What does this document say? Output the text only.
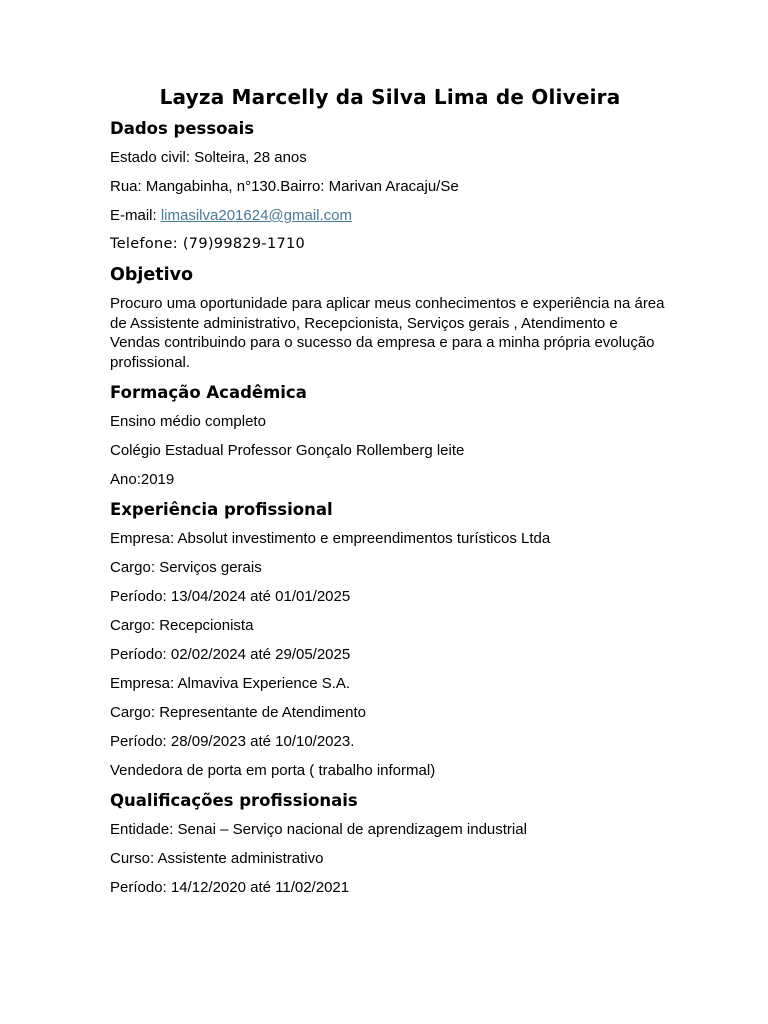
Layza Marcelly da Silva Lima de Oliveira
Dados pessoais

Estado civil: Solteira, 28 anos

Rua: Mangabinha, n°130.Bairro: Marivan Aracaju/Se

E-mail: limasilva201624@gmail.com

Telefone: (79)99829-1710

Objetivo

Procuro uma oportunidade para aplicar meus conhecimentos e experiência na área de Assistente administrativo, Recepcionista, Serviços gerais , Atendimento e Vendas contribuindo para o sucesso da empresa e para a minha própria evolução profissional.

Formação Acadêmica

Ensino médio completo

Colégio Estadual Professor Gonçalo Rollemberg leite

Ano:2019

Experiência profissional

Empresa: Absolut investimento e empreendimentos turísticos Ltda

Cargo: Serviços gerais

Período: 13/04/2024 até 01/01/2025

Cargo: Recepcionista

Período: 02/02/2024 até 29/05/2025

Empresa: Almaviva Experience S.A.

Cargo: Representante de Atendimento

Período: 28/09/2023 até 10/10/2023.

Vendedora de porta em porta ( trabalho informal)

Qualificações profissionais

Entidade: Senai – Serviço nacional de aprendizagem industrial

Curso: Assistente administrativo

Período: 14/12/2020 até 11/02/2021
